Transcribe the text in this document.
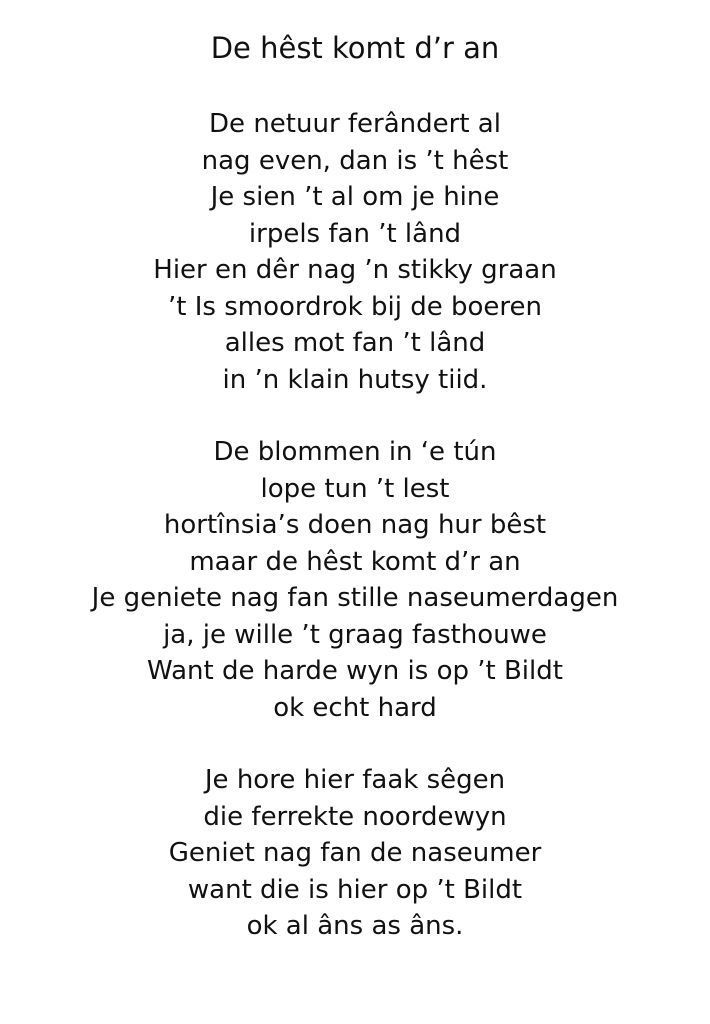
De hêst komt d’r an
De netuur ferândert al
nag even, dan is ’t hêst
Je sien ’t al om je hine
irpels fan ’t lând
Hier en dêr nag ’n stikky graan
’t Is smoordrok bij de boeren
alles mot fan ’t lând
in ’n klain hutsy tiid.
De blommen in ‘e tún
lope tun ’t lest
hortînsia’s doen nag hur bêst
maar de hêst komt d’r an
Je geniete nag fan stille naseumerdagen
ja, je wille ’t graag fasthouwe
Want de harde wyn is op ’t Bildt
ok echt hard
Je hore hier faak sêgen
die ferrekte noordewyn
Geniet nag fan de naseumer
want die is hier op ’t Bildt
ok al âns as âns.
